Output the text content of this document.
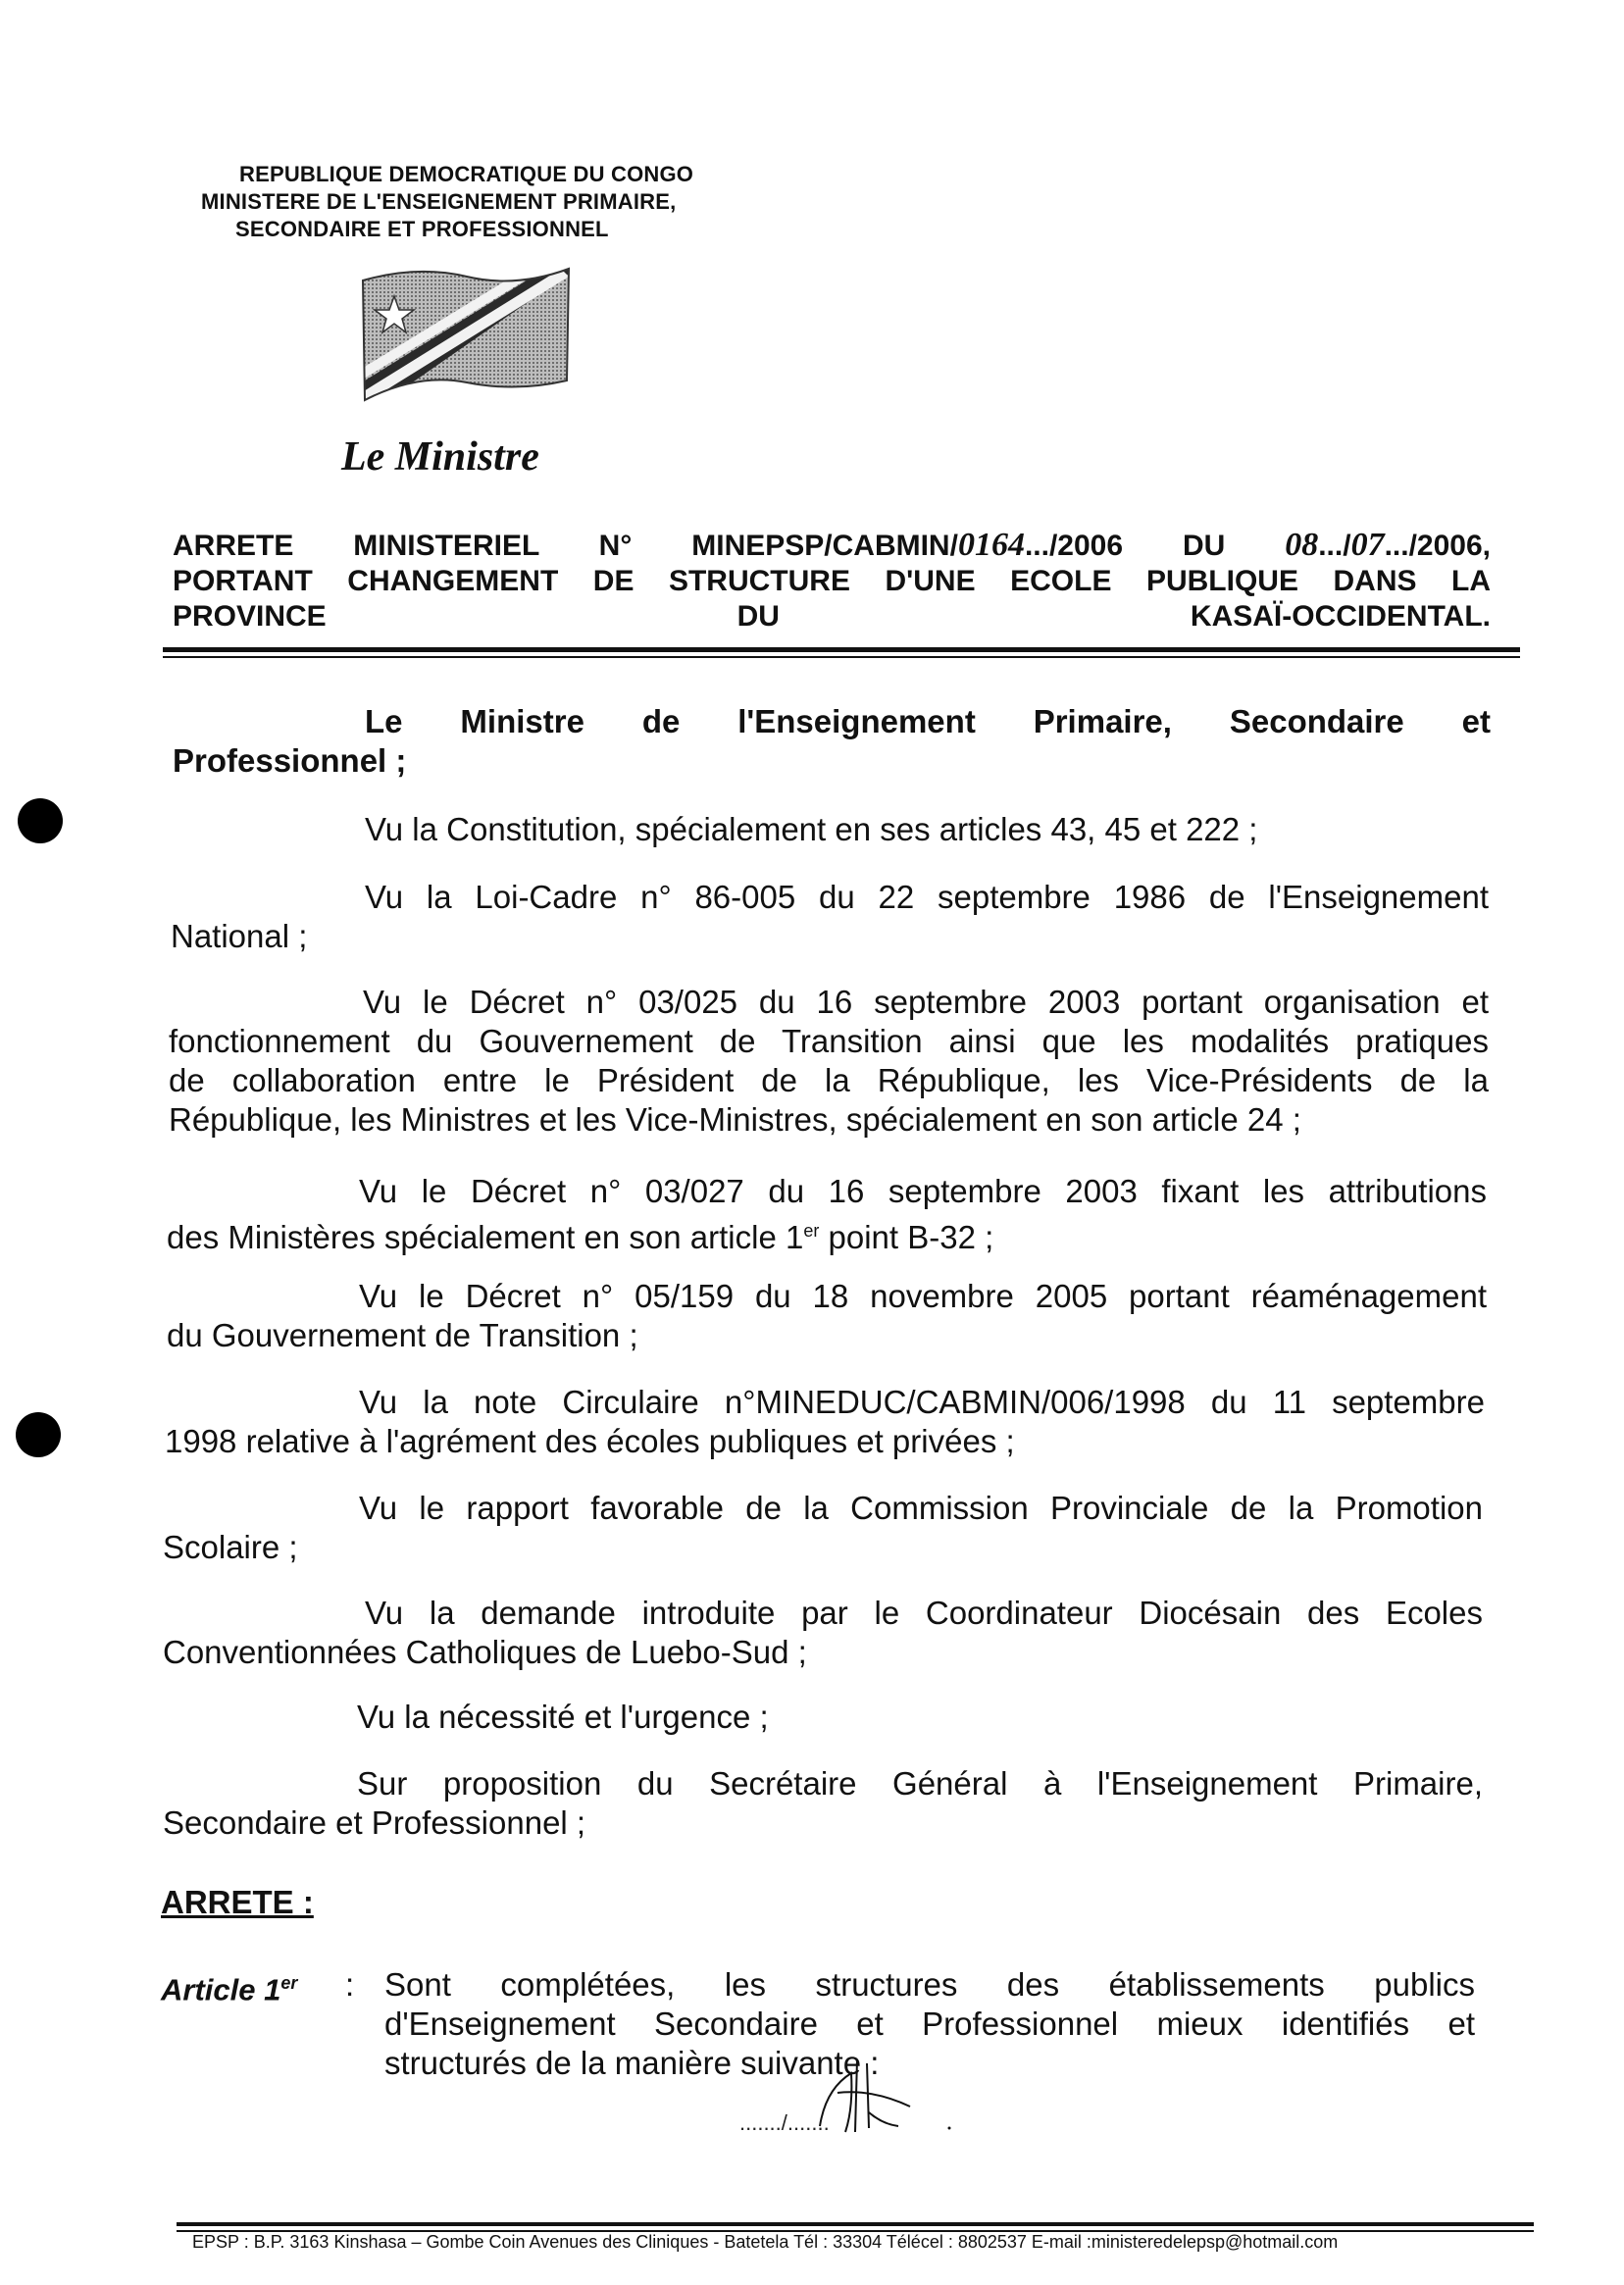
REPUBLIQUE DEMOCRATIQUE DU CONGO
MINISTERE DE L'ENSEIGNEMENT PRIMAIRE,
SECONDAIRE ET PROFESSIONNEL
Le Ministre
ARRETE MINISTERIEL N° MINEPSP/CABMIN/0164.../2006 DU 08.../07.../2006,
PORTANT CHANGEMENT DE STRUCTURE D'UNE ECOLE PUBLIQUE DANS LA
PROVINCE DU KASAÏ-OCCIDENTAL.
Le Ministre de l'Enseignement Primaire, Secondaire et
Professionnel ;
Vu la Constitution, spécialement en ses articles 43, 45 et 222 ;
Vu la Loi-Cadre n° 86-005 du 22 septembre 1986 de l'Enseignement
National ;
Vu le Décret n° 03/025 du 16 septembre 2003 portant organisation et
fonctionnement du Gouvernement de Transition ainsi que les modalités pratiques
de collaboration entre le Président de la République, les Vice-Présidents de la
République, les Ministres et les Vice-Ministres, spécialement en son article 24 ;
Vu le Décret n° 03/027 du 16 septembre 2003 fixant les attributions
des Ministères spécialement en son article 1er point B-32 ;
Vu le Décret n° 05/159 du 18 novembre 2005 portant réaménagement
du Gouvernement de Transition ;
Vu la note Circulaire n°MINEDUC/CABMIN/006/1998 du 11 septembre
1998 relative à l'agrément des écoles publiques et privées ;
Vu le rapport favorable de la Commission Provinciale de la Promotion
Scolaire ;
Vu la demande introduite par le Coordinateur Diocésain des Ecoles
Conventionnées Catholiques de Luebo-Sud ;
Vu la nécessité et l'urgence ;
Sur proposition du Secrétaire Général à l'Enseignement Primaire,
Secondaire et Professionnel ;
ARRETE :
Article 1er : Sont complétées, les structures des établissements publics
d'Enseignement Secondaire et Professionnel mieux identifiés et
structurés de la manière suivante :
......./.......
EPSP : B.P. 3163 Kinshasa – Gombe Coin Avenues des Cliniques - Batetela Tél : 33304 Télécel : 8802537 E-mail :ministeredelepsp@hotmail.com
